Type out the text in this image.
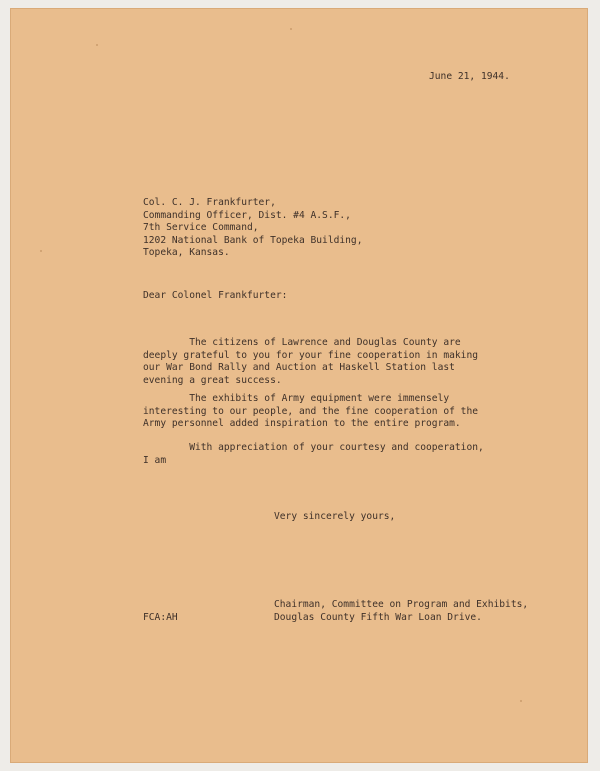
June 21, 1944.

Col. C. J. Frankfurter,
Commanding Officer, Dist. #4 A.S.F.,
7th Service Command,
1202 National Bank of Topeka Building,
Topeka, Kansas.

Dear Colonel Frankfurter:

The citizens of Lawrence and Douglas County are
deeply grateful to you for your fine cooperation in making
our War Bond Rally and Auction at Haskell Station last
evening a great success.

The exhibits of Army equipment were immensely
interesting to our people, and the fine cooperation of the
Army personnel added inspiration to the entire program.

With appreciation of your courtesy and cooperation,
I am

Very sincerely yours,

Chairman, Committee on Program and Exhibits,
Douglas County Fifth War Loan Drive.

FCA:AH
